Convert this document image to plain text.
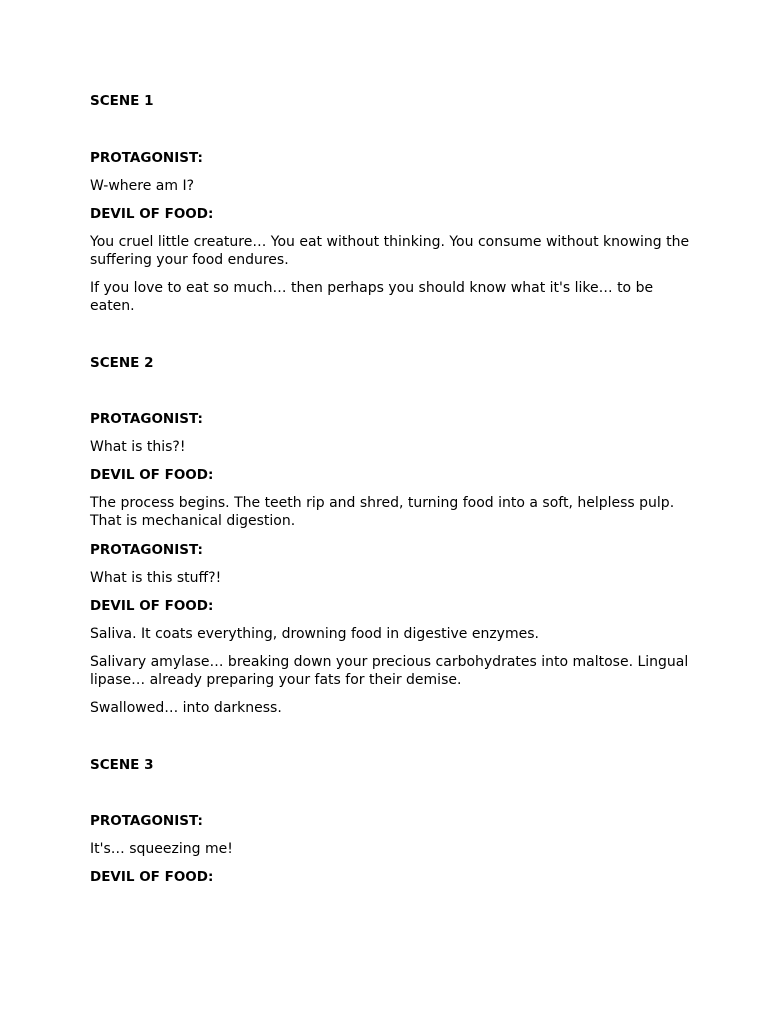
SCENE 1

PROTAGONIST:

W-where am I?

DEVIL OF FOOD:

You cruel little creature… You eat without thinking. You consume without knowing the suffering your food endures.

If you love to eat so much… then perhaps you should know what it's like… to be eaten.

SCENE 2

PROTAGONIST:

What is this?!

DEVIL OF FOOD:

The process begins. The teeth rip and shred, turning food into a soft, helpless pulp. That is mechanical digestion.

PROTAGONIST:

What is this stuff?!

DEVIL OF FOOD:

Saliva. It coats everything, drowning food in digestive enzymes.

Salivary amylase… breaking down your precious carbohydrates into maltose. Lingual lipase… already preparing your fats for their demise.

Swallowed… into darkness.

SCENE 3

PROTAGONIST:

It's… squeezing me!

DEVIL OF FOOD:
